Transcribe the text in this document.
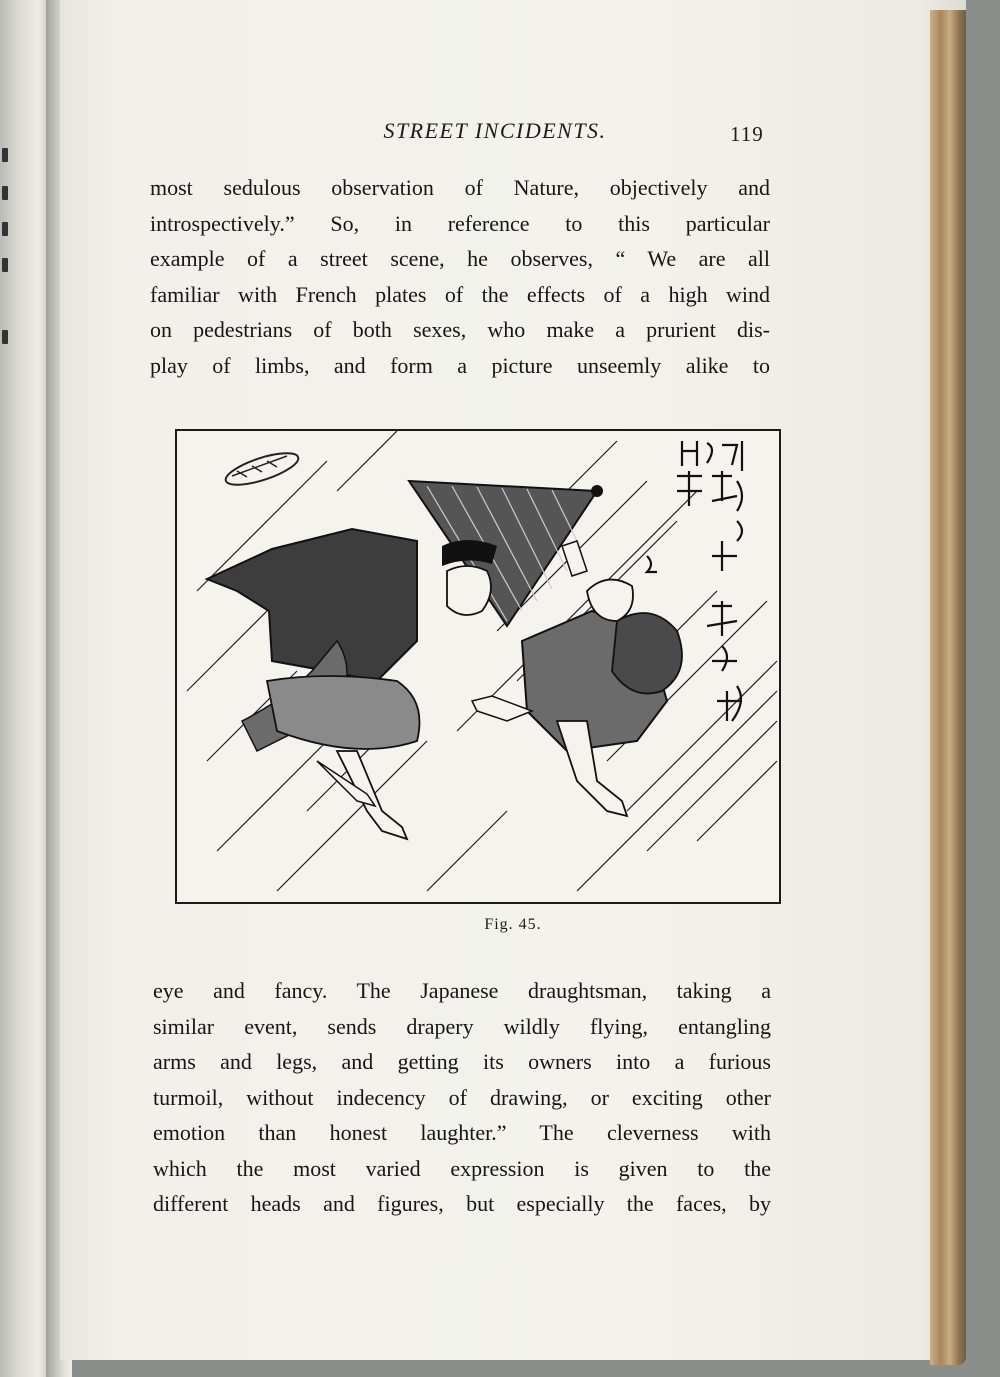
STREET INCIDENTS.	119
most sedulous observation of Nature, objectively and
introspectively.” So, in reference to this particular
example of a street scene, he observes, “ We are all
familiar with French plates of the effects of a high wind
on pedestrians of both sexes, who make a prurient dis-
play of limbs, and form a picture unseemly alike to
Fig. 45.
eye and fancy. The Japanese draughtsman, taking a
similar event, sends drapery wildly flying, entangling
arms and legs, and getting its owners into a furious
turmoil, without indecency of drawing, or exciting other
emotion than honest laughter.” The cleverness with
which the most varied expression is given to the
different heads and figures, but especially the faces, by
